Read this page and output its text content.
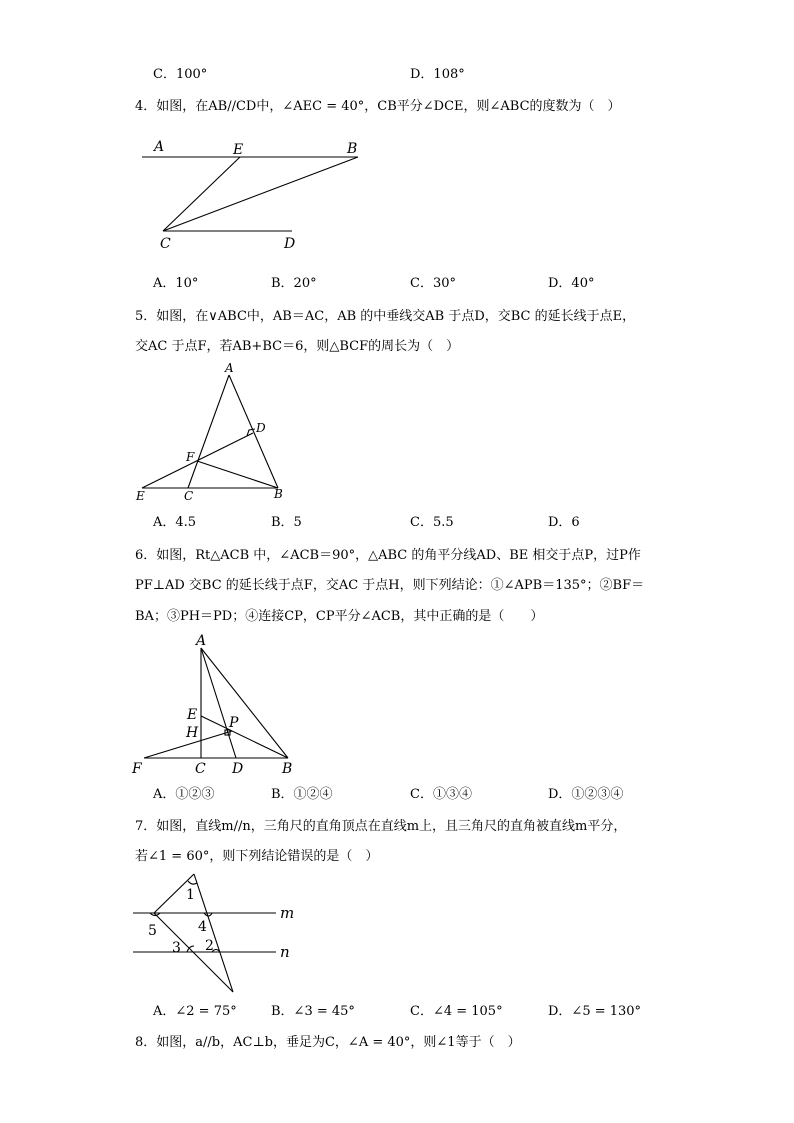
C．100°	D．108°
4．如图，在AB//CD中，∠AEC = 40°，CB平分∠DCE，则∠ABC的度数为（　）
A	E	B
C	D
A．10°	B．20°	C．30°	D．40°
5．如图，在∨ABC中，AB＝AC，AB 的中垂线交AB 于点D，交BC 的延长线于点E，
交AC 于点F，若AB+BC＝6，则△BCF的周长为（　）
A
D
F
E	C	B
A．4.5	B．5	C．5.5	D．6
6．如图，Rt△ACB 中，∠ACB＝90°，△ABC 的角平分线AD、BE 相交于点P，过P作
PF⊥AD 交BC 的延长线于点F，交AC 于点H，则下列结论：①∠APB＝135°；②BF＝
BA；③PH＝PD；④连接CP，CP平分∠ACB，其中正确的是（　　）
A
E P
H
F	C D	B
A．①②③	B．①②④	C．①③④	D．①②③④
7．如图，直线m//n，三角尺的直角顶点在直线m上，且三角尺的直角被直线m平分，
若∠1 = 60°，则下列结论错误的是（　）
1
4
5
3 2
m
n
A．∠2 = 75°	B．∠3 = 45°	C．∠4 = 105°	D．∠5 = 130°
8．如图，a//b，AC⊥b，垂足为C，∠A = 40°，则∠1等于（　）
